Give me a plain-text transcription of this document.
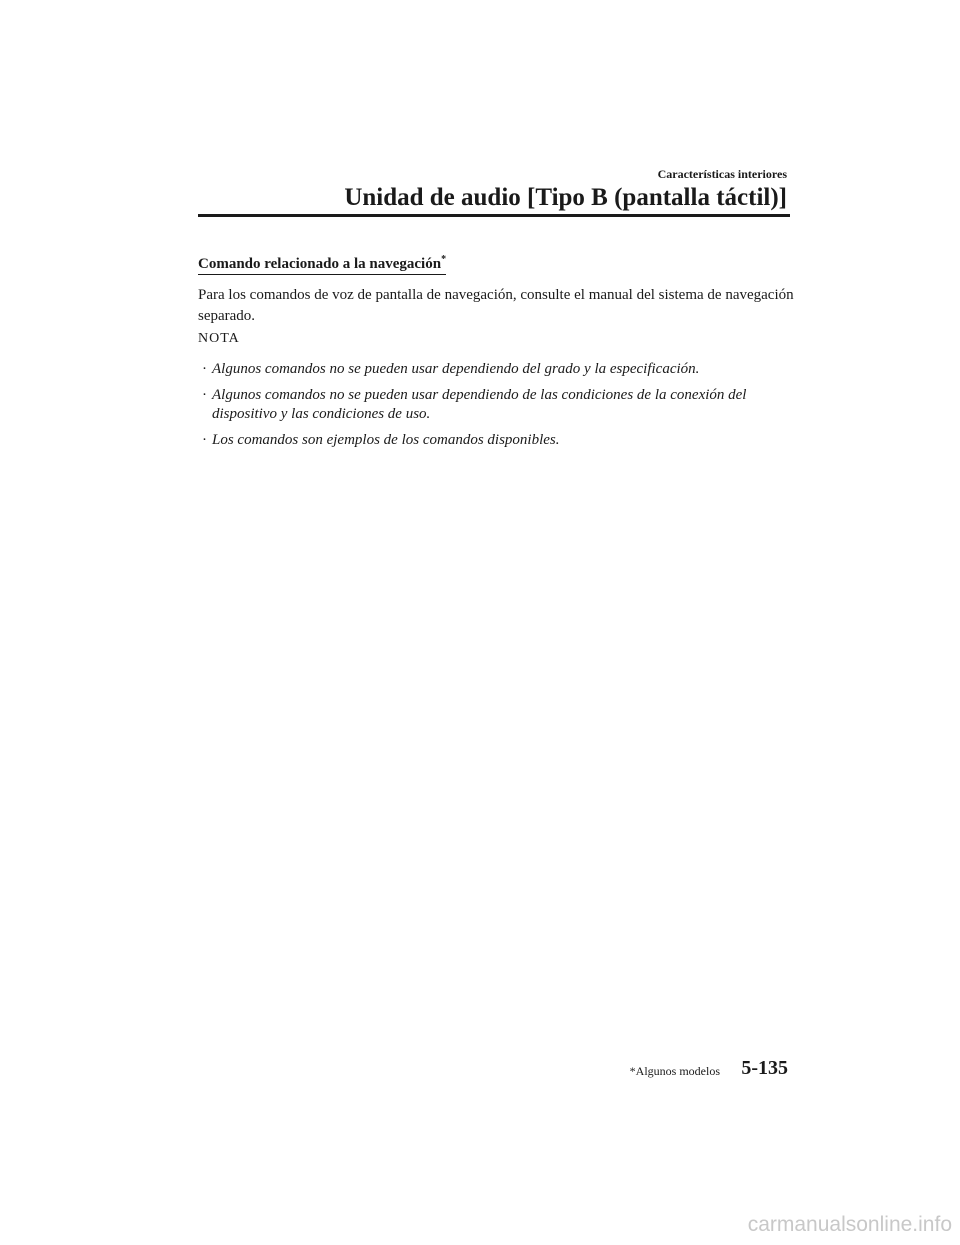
Características interiores
Unidad de audio [Tipo B (pantalla táctil)]
Comando relacionado a la navegación*
Para los comandos de voz de pantalla de navegación, consulte el manual del sistema de navegación separado.
NOTA
· Algunos comandos no se pueden usar dependiendo del grado y la especificación.
· Algunos comandos no se pueden usar dependiendo de las condiciones de la conexión del dispositivo y las condiciones de uso.
· Los comandos son ejemplos de los comandos disponibles.
*Algunos modelos 5-135
carmanualsonline.info
